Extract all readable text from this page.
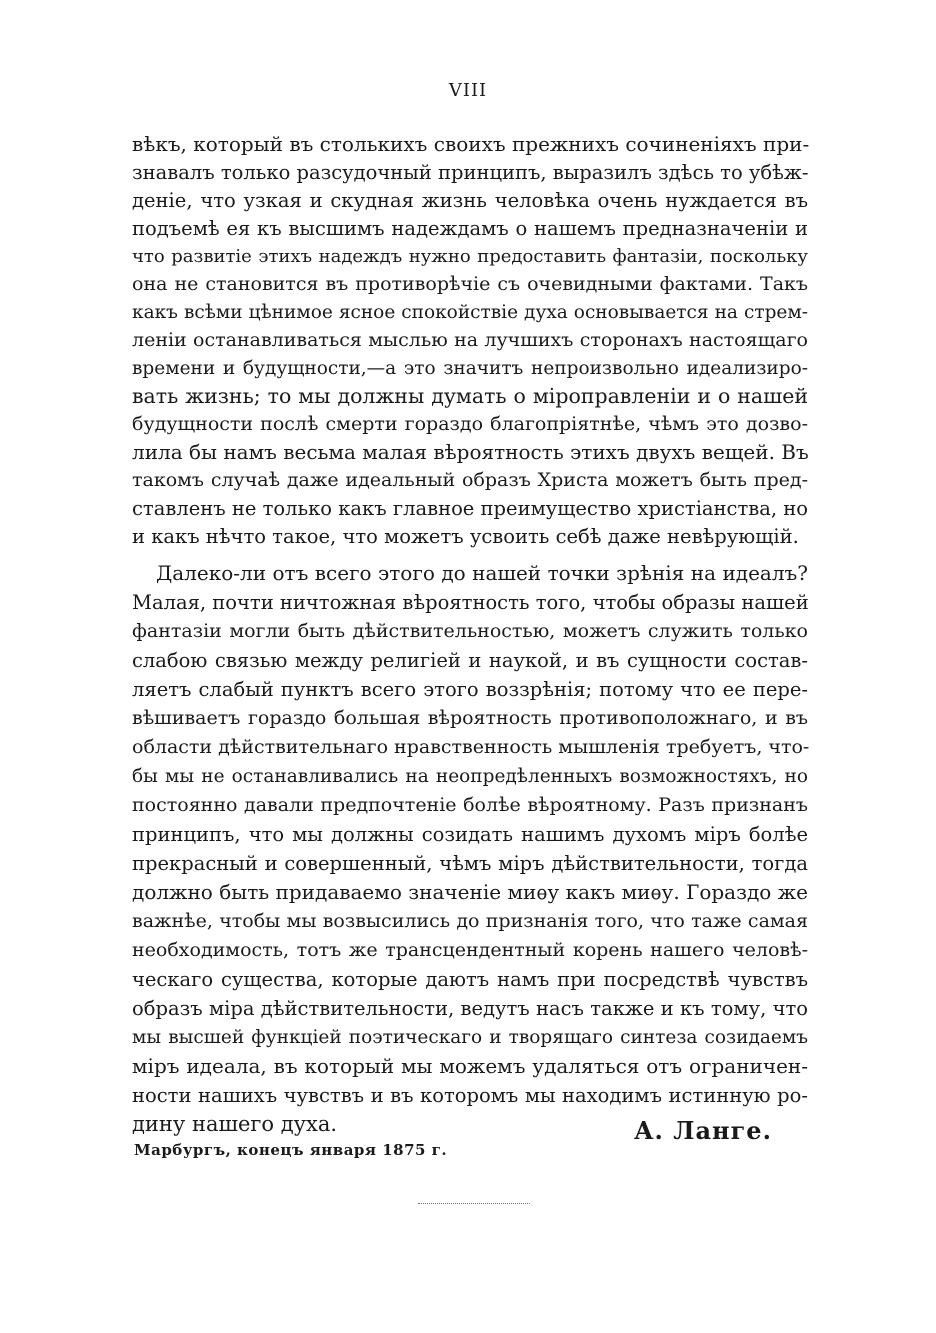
VIII
вѣкъ, который въ столькихъ своихъ прежнихъ сочиненіяхъ при-
знавалъ только разсудочный принципъ, выразилъ здѣсь то убѣж-
деніе, что узкая и скудная жизнь человѣка очень нуждается въ
подъемѣ ея къ высшимъ надеждамъ о нашемъ предназначеніи и
что развитіе этихъ надеждъ нужно предоставить фантазіи, поскольку
она не становится въ противорѣчіе съ очевидными фактами. Такъ
какъ всѣми цѣнимое ясное спокойствіе духа основывается на стрем-
леніи останавливаться мыслью на лучшихъ сторонахъ настоящаго
времени и будущности,—а это значитъ непроизвольно идеализиро-
вать жизнь; то мы должны думать о міроправленіи и о нашей
будущности послѣ смерти гораздо благопріятнѣе, чѣмъ это дозво-
лила бы намъ весьма малая вѣроятность этихъ двухъ вещей. Въ
такомъ случаѣ даже идеальный образъ Христа можетъ быть пред-
ставленъ не только какъ главное преимущество христіанства, но
и какъ нѣчто такое, что можетъ усвоить себѣ даже невѣрующій.
Далеко-ли отъ всего этого до нашей точки зрѣнія на идеалъ?
Малая, почти ничтожная вѣроятность того, чтобы образы нашей
фантазіи могли быть дѣйствительностью, можетъ служить только
слабою связью между религіей и наукой, и въ сущности состав-
ляетъ слабый пунктъ всего этого воззрѣнія; потому что ее пере-
вѣшиваетъ гораздо большая вѣроятность противоположнаго, и въ
области дѣйствительнаго нравственность мышленія требуетъ, что-
бы мы не останавливались на неопредѣленныхъ возможностяхъ, но
постоянно давали предпочтеніе болѣе вѣроятному. Разъ признанъ
принципъ, что мы должны созидать нашимъ духомъ міръ болѣе
прекрасный и совершенный, чѣмъ міръ дѣйствительности, тогда
должно быть придаваемо значеніе миѳу какъ миѳу. Гораздо же
важнѣе, чтобы мы возвысились до признанія того, что таже самая
необходимость, тотъ же трансцендентный корень нашего человѣ-
ческаго существа, которые даютъ намъ при посредствѣ чувствъ
образъ міра дѣйствительности, ведутъ насъ также и къ тому, что
мы высшей функціей поэтическаго и творящаго синтеза созидаемъ
міръ идеала, въ который мы можемъ удаляться отъ ограничен-
ности нашихъ чувствъ и въ которомъ мы находимъ истинную ро-
дину нашего духа.	А. Ланге.
Марбургъ, конецъ января 1875 г.
